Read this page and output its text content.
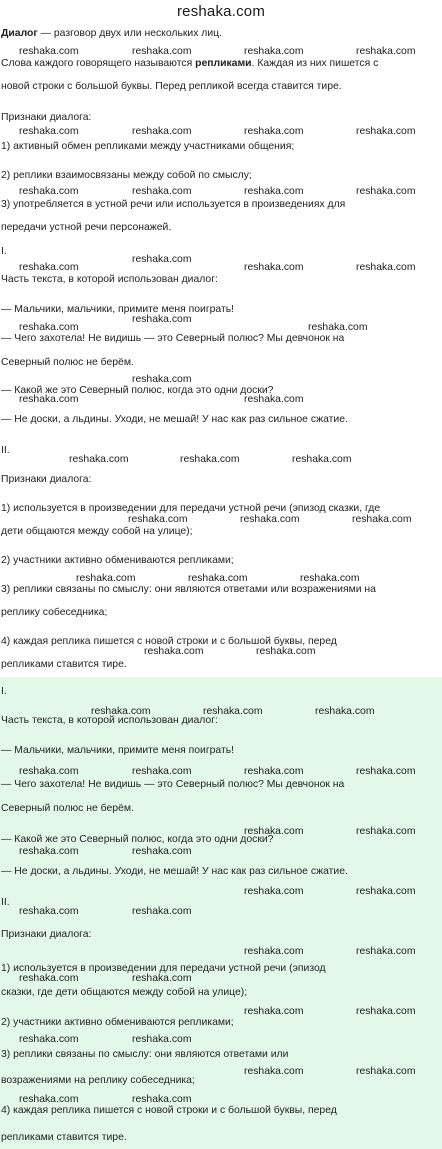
reshaka.com
Диалог — разговор двух или нескольких лиц.
Слова каждого говорящего называются репликами. Каждая из них пишется с
новой строки с большой буквы. Перед репликой всегда ставится тире.
Признаки диалога:
1) активный обмен репликами между участниками общения;
2) реплики взаимосвязаны между собой по смыслу;
3) употребляется в устной речи или используется в произведениях для
передачи устной речи персонажей.
I.
Часть текста, в которой использован диалог:
— Мальчики, мальчики, примите меня поиграть!
— Чего захотела! Не видишь — это Северный полюс? Мы девчонок на
Северный полюс не берём.
— Какой же это Северный полюс, когда это одни доски?
— Не доски, а льдины. Уходи, не мешай! У нас как раз сильное сжатие.
II.
Признаки диалога:
1) используется в произведении для передачи устной речи (эпизод сказки, где
дети общаются между собой на улице);
2) участники активно обмениваются репликами;
3) реплики связаны по смыслу: они являются ответами или возражениями на
реплику собеседника;
4) каждая реплика пишется с новой строки и с большой буквы, перед
репликами ставится тире.
I.
Часть текста, в которой использован диалог:
— Мальчики, мальчики, примите меня поиграть!
— Чего захотела! Не видишь — это Северный полюс? Мы девчонок на
Северный полюс не берём.
— Какой же это Северный полюс, когда это одни доски?
— Не доски, а льдины. Уходи, не мешай! У нас как раз сильное сжатие.
II.
Признаки диалога:
1) используется в произведении для передачи устной речи (эпизод
сказки, где дети общаются между собой на улице);
2) участники активно обмениваются репликами;
3) реплики связаны по смыслу: они являются ответами или
возражениями на реплику собеседника;
4) каждая реплика пишется с новой строки и с большой буквы, перед
репликами ставится тире.
reshaka.com	reshaka.com	reshaka.com	reshaka.com
reshaka.com	reshaka.com	reshaka.com	reshaka.com
reshaka.com	reshaka.com	reshaka.com	reshaka.com
reshaka.com
reshaka.com	reshaka.com	reshaka.com
reshaka.com
reshaka.com	reshaka.com
reshaka.com
reshaka.com	reshaka.com
reshaka.com	reshaka.com	reshaka.com
reshaka.com	reshaka.com	reshaka.com
reshaka.com	reshaka.com	reshaka.com
reshaka.com	reshaka.com
reshaka.com	reshaka.com	reshaka.com
reshaka.com	reshaka.com	reshaka.com	reshaka.com
reshaka.com	reshaka.com
reshaka.com	reshaka.com
reshaka.com	reshaka.com
reshaka.com	reshaka.com
reshaka.com	reshaka.com
reshaka.com	reshaka.com
reshaka.com	reshaka.com
reshaka.com	reshaka.com
reshaka.com	reshaka.com
reshaka.com	reshaka.com
